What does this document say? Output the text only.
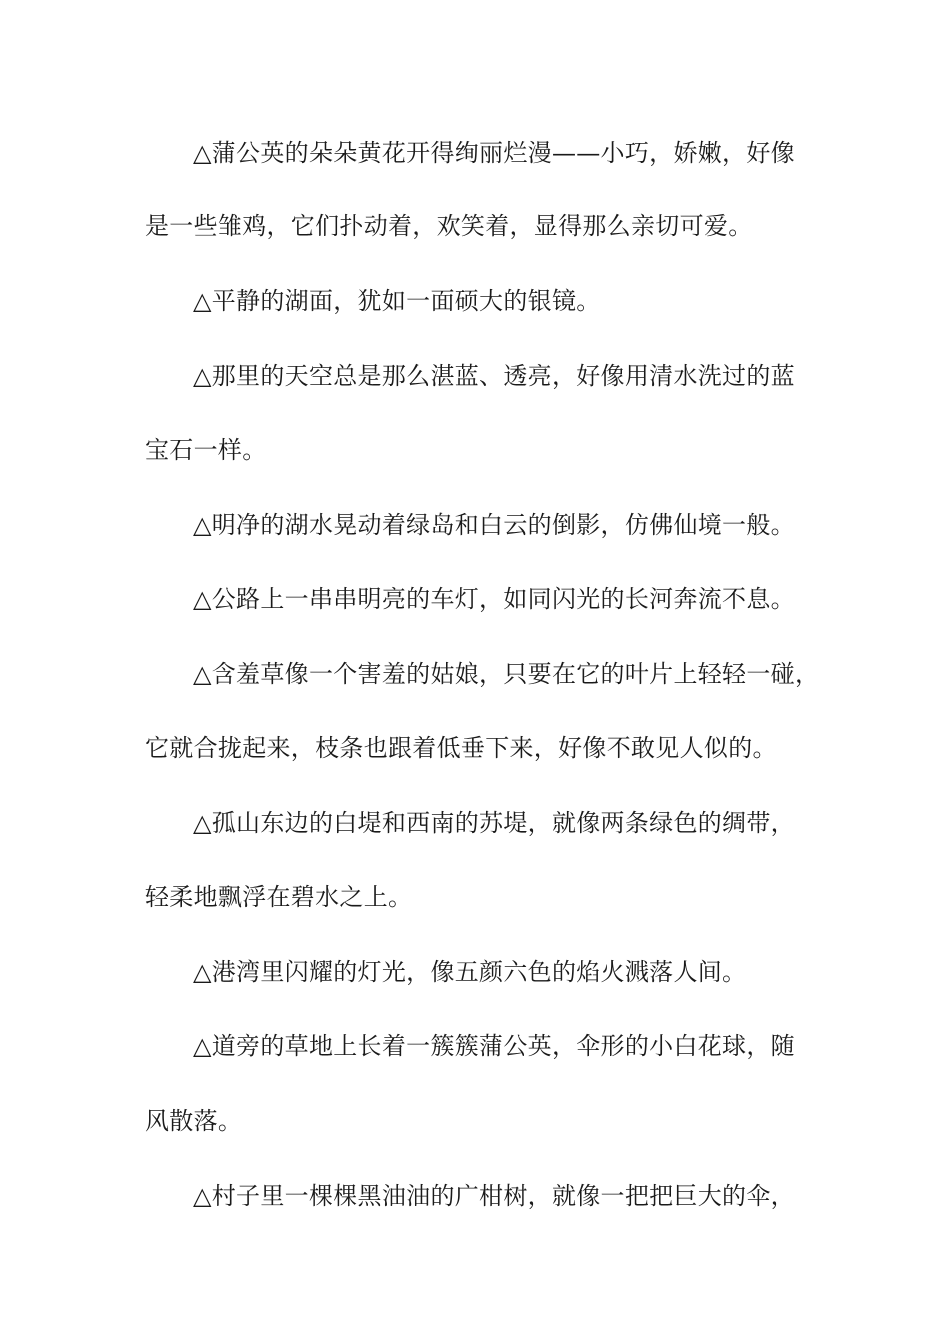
△蒲公英的朵朵黄花开得绚丽烂漫——小巧，娇嫩，好像

是一些雏鸡，它们扑动着，欢笑着，显得那么亲切可爱。

△平静的湖面，犹如一面硕大的银镜。

△那里的天空总是那么湛蓝、透亮，好像用清水洗过的蓝

宝石一样。

△明净的湖水晃动着绿岛和白云的倒影，仿佛仙境一般。

△公路上一串串明亮的车灯，如同闪光的长河奔流不息。

△含羞草像一个害羞的姑娘，只要在它的叶片上轻轻一碰，

它就合拢起来，枝条也跟着低垂下来，好像不敢见人似的。

△孤山东边的白堤和西南的苏堤，就像两条绿色的绸带，

轻柔地飘浮在碧水之上。

△港湾里闪耀的灯光，像五颜六色的焰火溅落人间。

△道旁的草地上长着一簇簇蒲公英，伞形的小白花球，随

风散落。

△村子里一棵棵黑油油的广柑树，就像一把把巨大的伞，
